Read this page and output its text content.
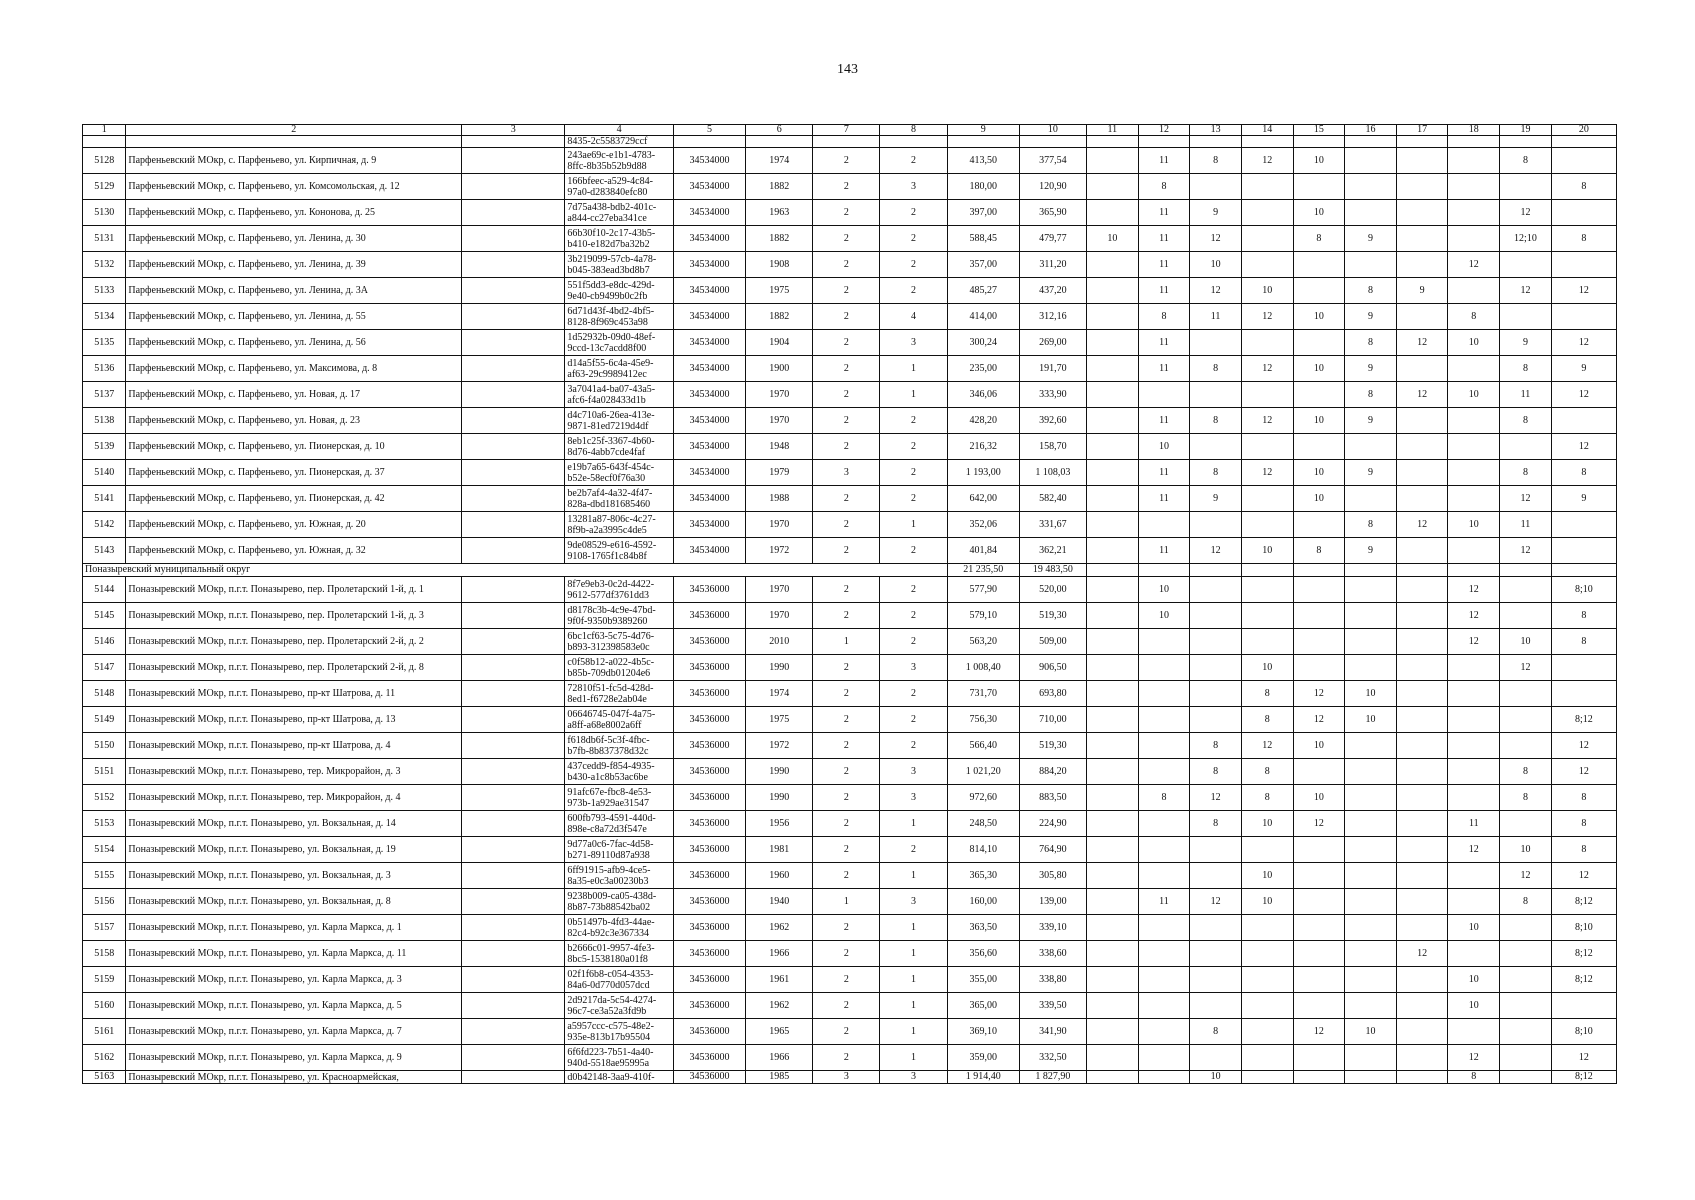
143
1	2	3	4	5	6	7	8	9	10	11	12	13	14	15	16	17	18	19	20
			8435-2c5583729ccf																
5128	Парфеньевский МОкр, с. Парфеньево, ул. Кирпичная, д. 9		243ae69c-e1b1-4783-8ffc-8b35b52b9d88	34534000	1974	2	2	413,50	377,54		11	8	12	10				8	
5129	Парфеньевский МОкр, с. Парфеньево, ул. Комсомольская, д. 12		166bfeec-a529-4c84-97a0-d283840efc80	34534000	1882	2	3	180,00	120,90		8								8
5130	Парфеньевский МОкр, с. Парфеньево, ул. Кононова, д. 25		7d75a438-bdb2-401c-a844-cc27eba341ce	34534000	1963	2	2	397,00	365,90		11	9		10				12	
5131	Парфеньевский МОкр, с. Парфеньево, ул. Ленина, д. 30		66b30f10-2c17-43b5-b410-e182d7ba32b2	34534000	1882	2	2	588,45	479,77	10	11	12		8	9			12;10	8
5132	Парфеньевский МОкр, с. Парфеньево, ул. Ленина, д. 39		3b219099-57cb-4a78-b045-383ead3bd8b7	34534000	1908	2	2	357,00	311,20		11	10					12		
5133	Парфеньевский МОкр, с. Парфеньево, ул. Ленина, д. 3А		551f5dd3-e8dc-429d-9e40-cb9499b0c2fb	34534000	1975	2	2	485,27	437,20		11	12	10		8	9		12	12
5134	Парфеньевский МОкр, с. Парфеньево, ул. Ленина, д. 55		6d71d43f-4bd2-4bf5-8128-8f969c453a98	34534000	1882	2	4	414,00	312,16		8	11	12	10	9		8		
5135	Парфеньевский МОкр, с. Парфеньево, ул. Ленина, д. 56		1d52932b-09d0-48ef-9ccd-13c7acdd8f00	34534000	1904	2	3	300,24	269,00		11				8	12	10	9	12
5136	Парфеньевский МОкр, с. Парфеньево, ул. Максимова, д. 8		d14a5f55-6c4a-45e9-af63-29c9989412ec	34534000	1900	2	1	235,00	191,70		11	8	12	10	9			8	9
5137	Парфеньевский МОкр, с. Парфеньево, ул. Новая, д. 17		3a7041a4-ba07-43a5-afc6-f4a028433d1b	34534000	1970	2	1	346,06	333,90						8	12	10	11	12
5138	Парфеньевский МОкр, с. Парфеньево, ул. Новая, д. 23		d4c710a6-26ea-413e-9871-81ed7219d4df	34534000	1970	2	2	428,20	392,60		11	8	12	10	9			8	
5139	Парфеньевский МОкр, с. Парфеньево, ул. Пионерская, д. 10		8eb1c25f-3367-4b60-8d76-4abb7cde4faf	34534000	1948	2	2	216,32	158,70		10								12
5140	Парфеньевский МОкр, с. Парфеньево, ул. Пионерская, д. 37		e19b7a65-643f-454c-b52e-58ecf0f76a30	34534000	1979	3	2	1 193,00	1 108,03		11	8	12	10	9			8	8
5141	Парфеньевский МОкр, с. Парфеньево, ул. Пионерская, д. 42		be2b7af4-4a32-4f47-828a-dbd181685460	34534000	1988	2	2	642,00	582,40		11	9		10				12	9
5142	Парфеньевский МОкр, с. Парфеньево, ул. Южная, д. 20		13281a87-806c-4c27-8f9b-a2a3995c4de5	34534000	1970	2	1	352,06	331,67						8	12	10	11	
5143	Парфеньевский МОкр, с. Парфеньево, ул. Южная, д. 32		9de08529-e616-4592-9108-1765f1c84b8f	34534000	1972	2	2	401,84	362,21		11	12	10	8	9			12	
Поназыревский муниципальный округ								21 235,50	19 483,50										
5144	Поназыревский МОкр, п.г.т. Поназырево, пер. Пролетарский 1-й, д. 1		8f7e9eb3-0c2d-4422-9612-577df3761dd3	34536000	1970	2	2	577,90	520,00		10						12		8;10
5145	Поназыревский МОкр, п.г.т. Поназырево, пер. Пролетарский 1-й, д. 3		d8178c3b-4c9e-47bd-9f0f-9350b9389260	34536000	1970	2	2	579,10	519,30		10						12		8
5146	Поназыревский МОкр, п.г.т. Поназырево, пер. Пролетарский 2-й, д. 2		6bc1cf63-5c75-4d76-b893-312398583e0c	34536000	2010	1	2	563,20	509,00								12	10	8
5147	Поназыревский МОкр, п.г.т. Поназырево, пер. Пролетарский 2-й, д. 8		c0f58b12-a022-4b5c-b85b-709db01204e6	34536000	1990	2	3	1 008,40	906,50				10					12	
5148	Поназыревский МОкр, п.г.т. Поназырево, пр-кт Шатрова, д. 11		72810f51-fc5d-428d-8ed1-f6728e2ab04e	34536000	1974	2	2	731,70	693,80				8	12	10				
5149	Поназыревский МОкр, п.г.т. Поназырево, пр-кт Шатрова, д. 13		06646745-047f-4a75-a8ff-a68e8002a6ff	34536000	1975	2	2	756,30	710,00				8	12	10				8;12
5150	Поназыревский МОкр, п.г.т. Поназырево, пр-кт Шатрова, д. 4		f618db6f-5c3f-4fbc-b7fb-8b837378d32c	34536000	1972	2	2	566,40	519,30			8	12	10					12
5151	Поназыревский МОкр, п.г.т. Поназырево, тер. Микрорайон, д. 3		437cedd9-f854-4935-b430-a1c8b53ac6be	34536000	1990	2	3	1 021,20	884,20			8	8					8	12
5152	Поназыревский МОкр, п.г.т. Поназырево, тер. Микрорайон, д. 4		91afc67e-fbc8-4e53-973b-1a929ae31547	34536000	1990	2	3	972,60	883,50		8	12	8	10				8	8
5153	Поназыревский МОкр, п.г.т. Поназырево, ул. Вокзальная, д. 14		600fb793-4591-440d-898e-c8a72d3f547e	34536000	1956	2	1	248,50	224,90			8	10	12			11		8
5154	Поназыревский МОкр, п.г.т. Поназырево, ул. Вокзальная, д. 19		9d77a0c6-7fac-4d58-b271-89110d87a938	34536000	1981	2	2	814,10	764,90								12	10	8
5155	Поназыревский МОкр, п.г.т. Поназырево, ул. Вокзальная, д. 3		6ff91915-afb9-4ce5-8a35-e0c3a00230b3	34536000	1960	2	1	365,30	305,80				10					12	12
5156	Поназыревский МОкр, п.г.т. Поназырево, ул. Вокзальная, д. 8		9238b009-ca05-438d-8b87-73b88542ba02	34536000	1940	1	3	160,00	139,00		11	12	10					8	8;12
5157	Поназыревский МОкр, п.г.т. Поназырево, ул. Карла Маркса, д. 1		0b51497b-4fd3-44ae-82c4-b92c3e367334	34536000	1962	2	1	363,50	339,10								10		8;10
5158	Поназыревский МОкр, п.г.т. Поназырево, ул. Карла Маркса, д. 11		b2666c01-9957-4fe3-8bc5-1538180a01f8	34536000	1966	2	1	356,60	338,60							12			8;12
5159	Поназыревский МОкр, п.г.т. Поназырево, ул. Карла Маркса, д. 3		02f1f6b8-c054-4353-84a6-0d770d057dcd	34536000	1961	2	1	355,00	338,80								10		8;12
5160	Поназыревский МОкр, п.г.т. Поназырево, ул. Карла Маркса, д. 5		2d9217da-5c54-4274-96c7-ce3a52a3fd9b	34536000	1962	2	1	365,00	339,50								10		
5161	Поназыревский МОкр, п.г.т. Поназырево, ул. Карла Маркса, д. 7		a5957ccc-c575-48e2-935e-813b17b95504	34536000	1965	2	1	369,10	341,90			8		12	10				8;10
5162	Поназыревский МОкр, п.г.т. Поназырево, ул. Карла Маркса, д. 9		6f6fd223-7b51-4a40-940d-5518ae95995a	34536000	1966	2	1	359,00	332,50								12		12
5163	Поназыревский МОкр, п.г.т. Поназырево, ул. Красноармейская,		d0b42148-3aa9-410f-	34536000	1985	3	3	1 914,40	1 827,90			10					8		8;12
